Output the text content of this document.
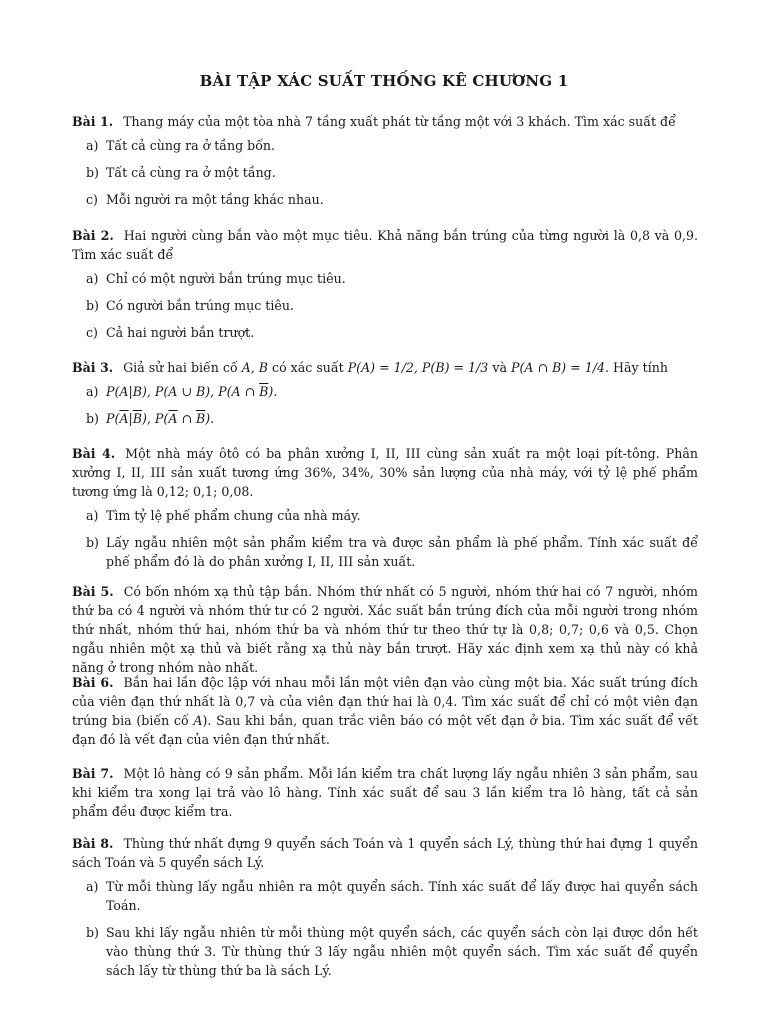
BÀI TẬP XÁC SUẤT THỐNG KÊ CHƯƠNG 1

Bài 1. Thang máy của một tòa nhà 7 tầng xuất phát từ tầng một với 3 khách. Tìm xác suất để

a) Tất cả cùng ra ở tầng bốn.
b) Tất cả cùng ra ở một tầng.
c) Mỗi người ra một tầng khác nhau.

Bài 2. Hai người cùng bắn vào một mục tiêu. Khả năng bắn trúng của từng người là 0,8 và 0,9. Tìm xác suất để

a) Chỉ có một người bắn trúng mục tiêu.
b) Có người bắn trúng mục tiêu.
c) Cả hai người bắn trượt.

Bài 3. Giả sử hai biến cố A, B có xác suất P(A) = 1/2, P(B) = 1/3 và P(A ∩ B) = 1/4. Hãy tính

a) P(A|B), P(A ∪ B), P(A ∩ $\overline{B}$).
b) $P(\overline{A}|\overline{B})$, $P(\overline{A}$ ∩ $\overline{B}$).

Bài 4. Một nhà máy ôtô có ba phân xưởng I, II, III cùng sản xuất ra một loại pít-tông. Phân xưởng I, II, III sản xuất tương ứng 36%, 34%, 30% sản lượng của nhà máy, với tỷ lệ phế phẩm tương ứng là 0,12; 0,1; 0,08.

a) Tìm tỷ lệ phế phẩm chung của nhà máy.
b) Lấy ngẫu nhiên một sản phẩm kiểm tra và được sản phẩm là phế phẩm. Tính xác suất để phế phẩm đó là do phân xưởng I, II, III sản xuất.

Bài 5. Có bốn nhóm xạ thủ tập bắn. Nhóm thứ nhất có 5 người, nhóm thứ hai có 7 người, nhóm thứ ba có 4 người và nhóm thứ tư có 2 người. Xác suất bắn trúng đích của mỗi người trong nhóm thứ nhất, nhóm thứ hai, nhóm thứ ba và nhóm thứ tư theo thứ tự là 0,8; 0,7; 0,6 và 0,5. Chọn ngẫu nhiên một xạ thủ và biết rằng xạ thủ này bắn trượt. Hãy xác định xem xạ thủ này có khả năng ở trong nhóm nào nhất.

Bài 6. Bắn hai lần độc lập với nhau mỗi lần một viên đạn vào cùng một bia. Xác suất trúng đích của viên đạn thứ nhất là 0,7 và của viên đạn thứ hai là 0,4. Tìm xác suất để chỉ có một viên đạn trúng bia (biến cố A). Sau khi bắn, quan trắc viên báo có một vết đạn ở bia. Tìm xác suất để vết đạn đó là vết đạn của viên đạn thứ nhất.

Bài 7. Một lô hàng có 9 sản phẩm. Mỗi lần kiểm tra chất lượng lấy ngẫu nhiên 3 sản phẩm, sau khi kiểm tra xong lại trả vào lô hàng. Tính xác suất để sau 3 lần kiểm tra lô hàng, tất cả sản phẩm đều được kiểm tra.

Bài 8. Thùng thứ nhất đựng 9 quyển sách Toán và 1 quyển sách Lý, thùng thứ hai đựng 1 quyển sách Toán và 5 quyển sách Lý.

a) Từ mỗi thùng lấy ngẫu nhiên ra một quyển sách. Tính xác suất để lấy được hai quyển sách Toán.
b) Sau khi lấy ngẫu nhiên từ mỗi thùng một quyển sách, các quyển sách còn lại được dồn hết vào thùng thứ 3. Từ thùng thứ 3 lấy ngẫu nhiên một quyển sách. Tìm xác suất để quyển sách lấy từ thùng thứ ba là sách Lý.
